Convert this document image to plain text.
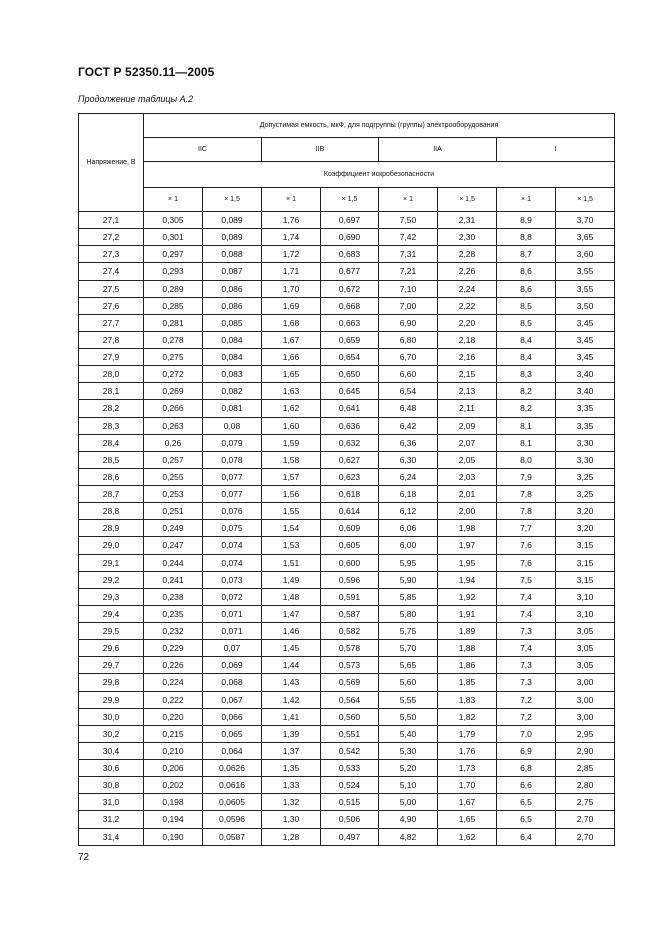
ГОСТ Р 52350.11—2005
Продолжение таблицы А.2
Напряжение, В	Допустимая емкость, мкФ, для подгруппы (группы) электрооборудования							
	IIC		IIB		IIA		I	
	Коэффициент искробезопасности							
	× 1	× 1,5	× 1	× 1,5	× 1	× 1,5	× 1	× 1,5
27,1	0,305	0,089	1,76	0,697	7,50	2,31	8,9	3,70
27,2	0,301	0,089	1,74	0,690	7,42	2,30	8,8	3,65
27,3	0,297	0,088	1,72	0,683	7,31	2,28	8,7	3,60
27,4	0,293	0,087	1,71	0,677	7,21	2,26	8,6	3,55
27,5	0,289	0,086	1,70	0,672	7,10	2,24	8,6	3,55
27,6	0,285	0,086	1,69	0,668	7,00	2,22	8,5	3,50
27,7	0,281	0,085	1,68	0,663	6,90	2,20	8,5	3,45
27,8	0,278	0,084	1,67	0,659	6,80	2,18	8,4	3,45
27,9	0,275	0,084	1,66	0,654	6,70	2,16	8,4	3,45
28,0	0,272	0,083	1,65	0,650	6,60	2,15	8,3	3,40
28,1	0,269	0,082	1,63	0,645	6,54	2,13	8,2	3,40
28,2	0,266	0,081	1,62	0,641	6,48	2,11	8,2	3,35
28,3	0,263	0,08	1,60	0,636	6,42	2,09	8,1	3,35
28,4	0,26	0,079	1,59	0,632	6,36	2,07	8,1	3,30
28,5	0,257	0,078	1,58	0,627	6,30	2,05	8,0	3,30
28,6	0,255	0,077	1,57	0,623	6,24	2,03	7,9	3,25
28,7	0,253	0,077	1,56	0,618	6,18	2,01	7,8	3,25
28,8	0,251	0,076	1,55	0,614	6,12	2,00	7,8	3,20
28,9	0,249	0,075	1,54	0,609	6,06	1,98	7,7	3,20
29,0	0,247	0,074	1,53	0,605	6,00	1,97	7,6	3,15
29,1	0,244	0,074	1,51	0,600	5,95	1,95	7,6	3,15
29,2	0,241	0,073	1,49	0,596	5,90	1,94	7,5	3,15
29,3	0,238	0,072	1,48	0,591	5,85	1,92	7,4	3,10
29,4	0,235	0,071	1,47	0,587	5,80	1,91	7,4	3,10
29,5	0,232	0,071	1,46	0,582	5,75	1,89	7,3	3,05
29,6	0,229	0,07	1,45	0,578	5,70	1,88	7,4	3,05
29,7	0,226	0,069	1,44	0,573	5,65	1,86	7,3	3,05
29,8	0,224	0,068	1,43	0,569	5,60	1,85	7,3	3,00
29,9	0,222	0,067	1,42	0,564	5,55	1,83	7,2	3,00
30,0	0,220	0,066	1,41	0,560	5,50	1,82	7,2	3,00
30,2	0,215	0,065	1,39	0,551	5,40	1,79	7,0	2,95
30,4	0,210	0,064	1,37	0,542	5,30	1,76	6,9	2,90
30,6	0,206	0,0626	1,35	0,533	5,20	1,73	6,8	2,85
30,8	0,202	0,0616	1,33	0,524	5,10	1,70	6,6	2,80
31,0	0,198	0,0605	1,32	0,515	5,00	1,67	6,5	2,75
31,2	0,194	0,0596	1,30	0,506	4,90	1,65	6,5	2,70
31,4	0,190	0,0587	1,28	0,497	4,82	1,62	6,4	2,70
72
